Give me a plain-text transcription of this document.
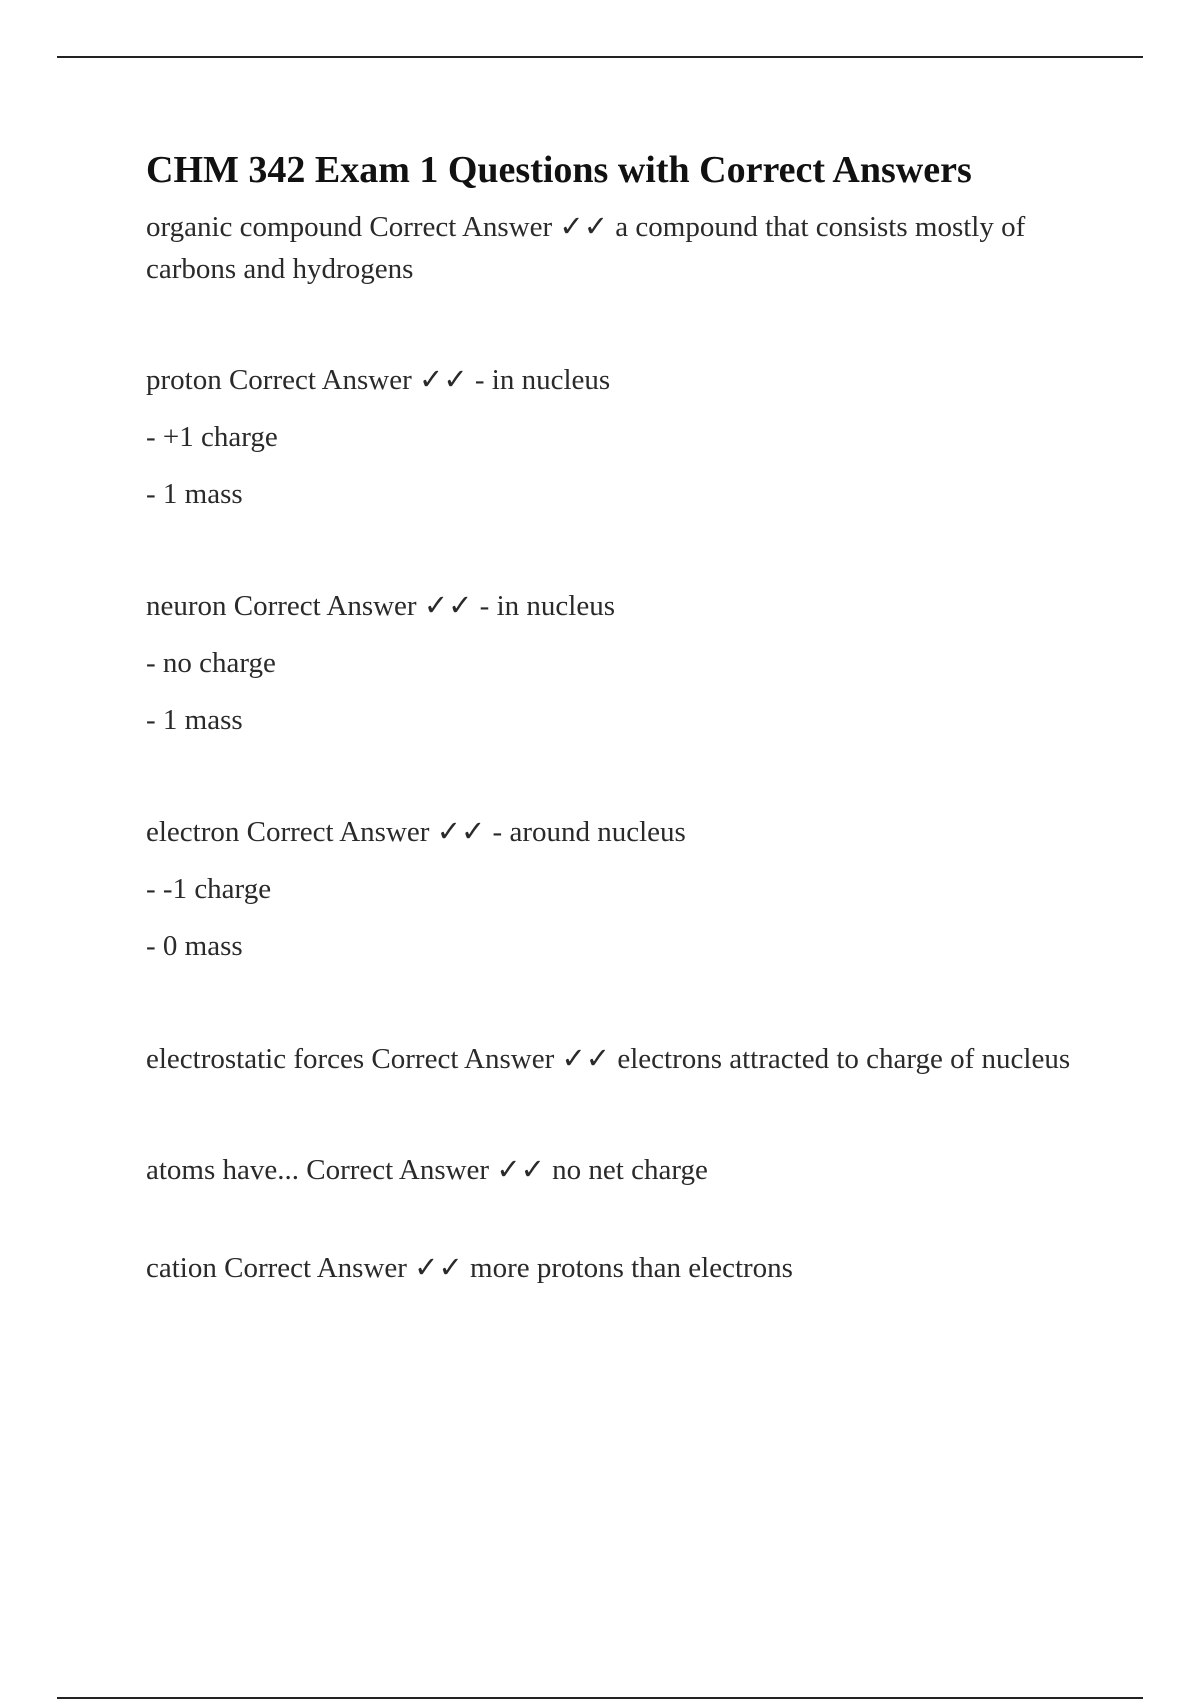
CHM 342 Exam 1 Questions with Correct Answers

organic compound Correct Answer ✓✓ a compound that consists mostly of carbons and hydrogens

proton Correct Answer ✓✓ - in nucleus

- +1 charge

- 1 mass

neuron Correct Answer ✓✓ - in nucleus

- no charge

- 1 mass

electron Correct Answer ✓✓ - around nucleus

- -1 charge

- 0 mass

electrostatic forces Correct Answer ✓✓ electrons attracted to charge of nucleus

atoms have... Correct Answer ✓✓ no net charge

cation Correct Answer ✓✓ more protons than electrons
